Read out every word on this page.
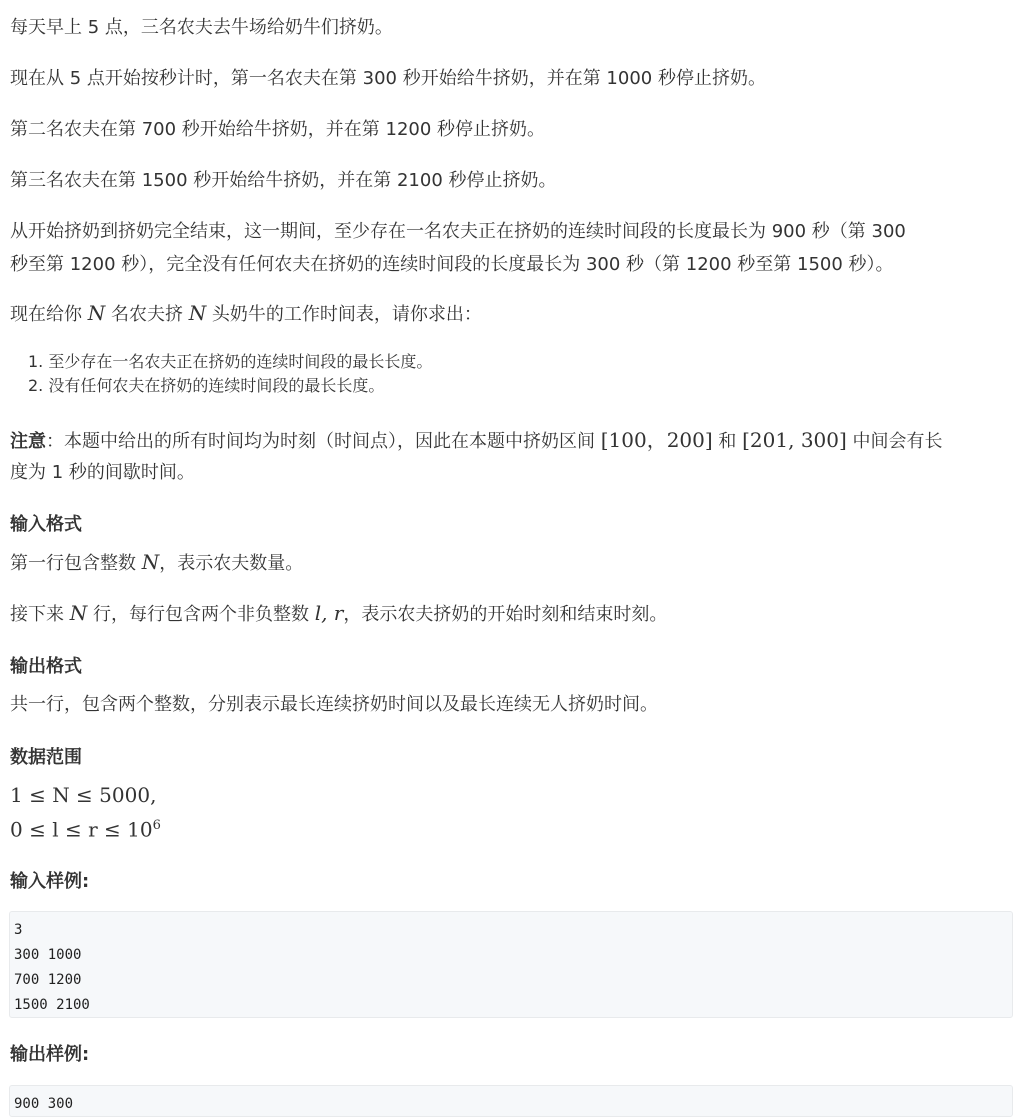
每天早上 5 点，三名农夫去牛场给奶牛们挤奶。

现在从 5 点开始按秒计时，第一名农夫在第 300 秒开始给牛挤奶，并在第 1000 秒停止挤奶。

第二名农夫在第 700 秒开始给牛挤奶，并在第 1200 秒停止挤奶。

第三名农夫在第 1500 秒开始给牛挤奶，并在第 2100 秒停止挤奶。

从开始挤奶到挤奶完全结束，这一期间，至少存在一名农夫正在挤奶的连续时间段的长度最长为 900 秒（第 300

秒至第 1200 秒），完全没有任何农夫在挤奶的连续时间段的长度最长为 300 秒（第 1200 秒至第 1500 秒）。

现在给你 N 名农夫挤 N 头奶牛的工作时间表，请你求出：

1. 至少存在一名农夫正在挤奶的连续时间段的最长长度。
2. 没有任何农夫在挤奶的连续时间段的最长长度。

注意：本题中给出的所有时间均为时刻（时间点），因此在本题中挤奶区间 [100，200] 和 [201, 300] 中间会有长

度为 1 秒的间歇时间。

输入格式

第一行包含整数 N，表示农夫数量。

接下来 N 行，每行包含两个非负整数 l, r，表示农夫挤奶的开始时刻和结束时刻。

输出格式

共一行，包含两个整数，分别表示最长连续挤奶时间以及最长连续无人挤奶时间。

数据范围

1 ≤ N ≤ 5000,

$0 \le l \le r \le 10^6$

输入样例:
3
300 1000
700 1200
1500 2100
输出样例:
900 300
